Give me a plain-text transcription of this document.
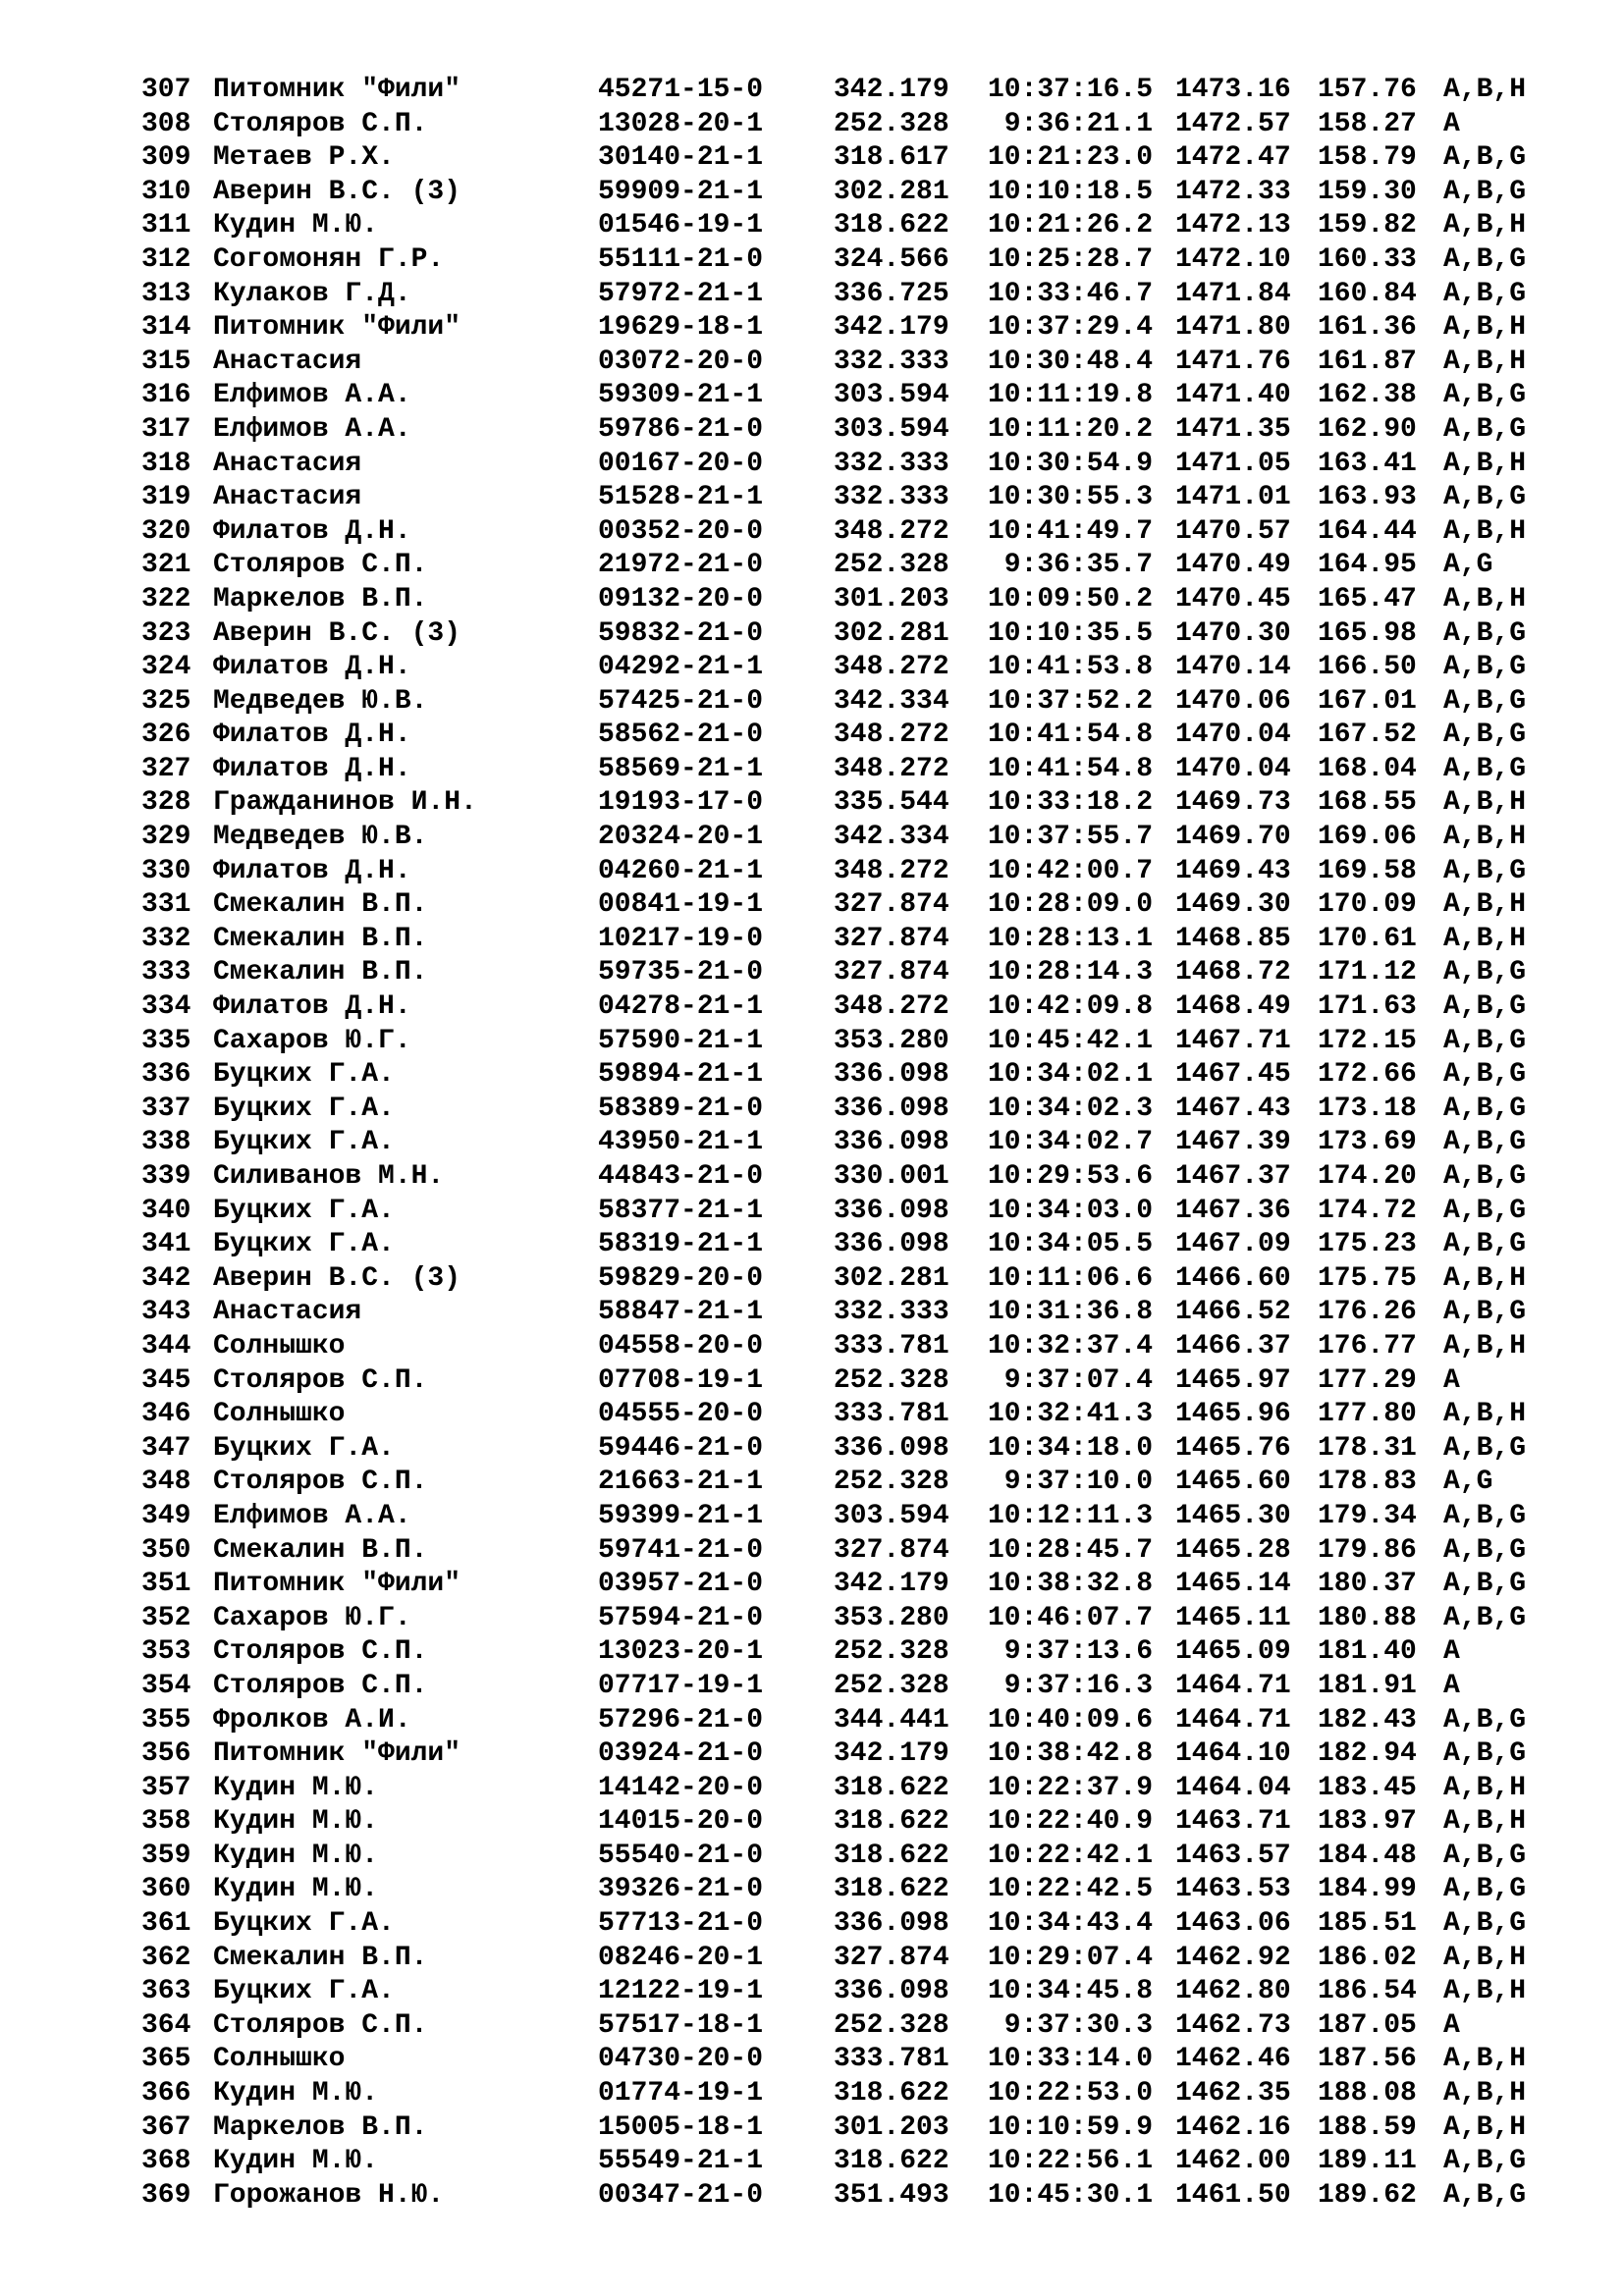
307 Питомник "Фили"	45271-15-0	342.179	10:37:16.5 1473.16 157.76 A,B,H
308 Столяров С.П.	13028-20-1	252.328	9:36:21.1 1472.57 158.27 A
309 Метаев Р.Х.	30140-21-1	318.617	10:21:23.0 1472.47 158.79 A,B,G
310 Аверин В.С. (3)	59909-21-1	302.281	10:10:18.5 1472.33 159.30 A,B,G
311 Кудин М.Ю.	01546-19-1	318.622	10:21:26.2 1472.13 159.82 A,B,H
312 Согомонян Г.Р.	55111-21-0	324.566	10:25:28.7 1472.10 160.33 A,B,G
313 Кулаков Г.Д.	57972-21-1	336.725	10:33:46.7 1471.84 160.84 A,B,G
314 Питомник "Фили"	19629-18-1	342.179	10:37:29.4 1471.80 161.36 A,B,H
315 Анастасия	03072-20-0	332.333	10:30:48.4 1471.76 161.87 A,B,H
316 Елфимов А.А.	59309-21-1	303.594	10:11:19.8 1471.40 162.38 A,B,G
317 Елфимов А.А.	59786-21-0	303.594	10:11:20.2 1471.35 162.90 A,B,G
318 Анастасия	00167-20-0	332.333	10:30:54.9 1471.05 163.41 A,B,H
319 Анастасия	51528-21-1	332.333	10:30:55.3 1471.01 163.93 A,B,G
320 Филатов Д.Н.	00352-20-0	348.272	10:41:49.7 1470.57 164.44 A,B,H
321 Столяров С.П.	21972-21-0	252.328	9:36:35.7 1470.49 164.95 A,G
322 Маркелов В.П.	09132-20-0	301.203	10:09:50.2 1470.45 165.47 A,B,H
323 Аверин В.С. (3)	59832-21-0	302.281	10:10:35.5 1470.30 165.98 A,B,G
324 Филатов Д.Н.	04292-21-1	348.272	10:41:53.8 1470.14 166.50 A,B,G
325 Медведев Ю.В.	57425-21-0	342.334	10:37:52.2 1470.06 167.01 A,B,G
326 Филатов Д.Н.	58562-21-0	348.272	10:41:54.8 1470.04 167.52 A,B,G
327 Филатов Д.Н.	58569-21-1	348.272	10:41:54.8 1470.04 168.04 A,B,G
328 Гражданинов И.Н.	19193-17-0	335.544	10:33:18.2 1469.73 168.55 A,B,H
329 Медведев Ю.В.	20324-20-1	342.334	10:37:55.7 1469.70 169.06 A,B,H
330 Филатов Д.Н.	04260-21-1	348.272	10:42:00.7 1469.43 169.58 A,B,G
331 Смекалин В.П.	00841-19-1	327.874	10:28:09.0 1469.30 170.09 A,B,H
332 Смекалин В.П.	10217-19-0	327.874	10:28:13.1 1468.85 170.61 A,B,H
333 Смекалин В.П.	59735-21-0	327.874	10:28:14.3 1468.72 171.12 A,B,G
334 Филатов Д.Н.	04278-21-1	348.272	10:42:09.8 1468.49 171.63 A,B,G
335 Сахаров Ю.Г.	57590-21-1	353.280	10:45:42.1 1467.71 172.15 A,B,G
336 Буцких Г.А.	59894-21-1	336.098	10:34:02.1 1467.45 172.66 A,B,G
337 Буцких Г.А.	58389-21-0	336.098	10:34:02.3 1467.43 173.18 A,B,G
338 Буцких Г.А.	43950-21-1	336.098	10:34:02.7 1467.39 173.69 A,B,G
339 Силиванов М.Н.	44843-21-0	330.001	10:29:53.6 1467.37 174.20 A,B,G
340 Буцких Г.А.	58377-21-1	336.098	10:34:03.0 1467.36 174.72 A,B,G
341 Буцких Г.А.	58319-21-1	336.098	10:34:05.5 1467.09 175.23 A,B,G
342 Аверин В.С. (3)	59829-20-0	302.281	10:11:06.6 1466.60 175.75 A,B,H
343 Анастасия	58847-21-1	332.333	10:31:36.8 1466.52 176.26 A,B,G
344 Солнышко	04558-20-0	333.781	10:32:37.4 1466.37 176.77 A,B,H
345 Столяров С.П.	07708-19-1	252.328	9:37:07.4 1465.97 177.29 A
346 Солнышко	04555-20-0	333.781	10:32:41.3 1465.96 177.80 A,B,H
347 Буцких Г.А.	59446-21-0	336.098	10:34:18.0 1465.76 178.31 A,B,G
348 Столяров С.П.	21663-21-1	252.328	9:37:10.0 1465.60 178.83 A,G
349 Елфимов А.А.	59399-21-1	303.594	10:12:11.3 1465.30 179.34 A,B,G
350 Смекалин В.П.	59741-21-0	327.874	10:28:45.7 1465.28 179.86 A,B,G
351 Питомник "Фили"	03957-21-0	342.179	10:38:32.8 1465.14 180.37 A,B,G
352 Сахаров Ю.Г.	57594-21-0	353.280	10:46:07.7 1465.11 180.88 A,B,G
353 Столяров С.П.	13023-20-1	252.328	9:37:13.6 1465.09 181.40 A
354 Столяров С.П.	07717-19-1	252.328	9:37:16.3 1464.71 181.91 A
355 Фролков А.И.	57296-21-0	344.441	10:40:09.6 1464.71 182.43 A,B,G
356 Питомник "Фили"	03924-21-0	342.179	10:38:42.8 1464.10 182.94 A,B,G
357 Кудин М.Ю.	14142-20-0	318.622	10:22:37.9 1464.04 183.45 A,B,H
358 Кудин М.Ю.	14015-20-0	318.622	10:22:40.9 1463.71 183.97 A,B,H
359 Кудин М.Ю.	55540-21-0	318.622	10:22:42.1 1463.57 184.48 A,B,G
360 Кудин М.Ю.	39326-21-0	318.622	10:22:42.5 1463.53 184.99 A,B,G
361 Буцких Г.А.	57713-21-0	336.098	10:34:43.4 1463.06 185.51 A,B,G
362 Смекалин В.П.	08246-20-1	327.874	10:29:07.4 1462.92 186.02 A,B,H
363 Буцких Г.А.	12122-19-1	336.098	10:34:45.8 1462.80 186.54 A,B,H
364 Столяров С.П.	57517-18-1	252.328	9:37:30.3 1462.73 187.05 A
365 Солнышко	04730-20-0	333.781	10:33:14.0 1462.46 187.56 A,B,H
366 Кудин М.Ю.	01774-19-1	318.622	10:22:53.0 1462.35 188.08 A,B,H
367 Маркелов В.П.	15005-18-1	301.203	10:10:59.9 1462.16 188.59 A,B,H
368 Кудин М.Ю.	55549-21-1	318.622	10:22:56.1 1462.00 189.11 A,B,G
369 Горожанов Н.Ю.	00347-21-0	351.493	10:45:30.1 1461.50 189.62 A,B,G
